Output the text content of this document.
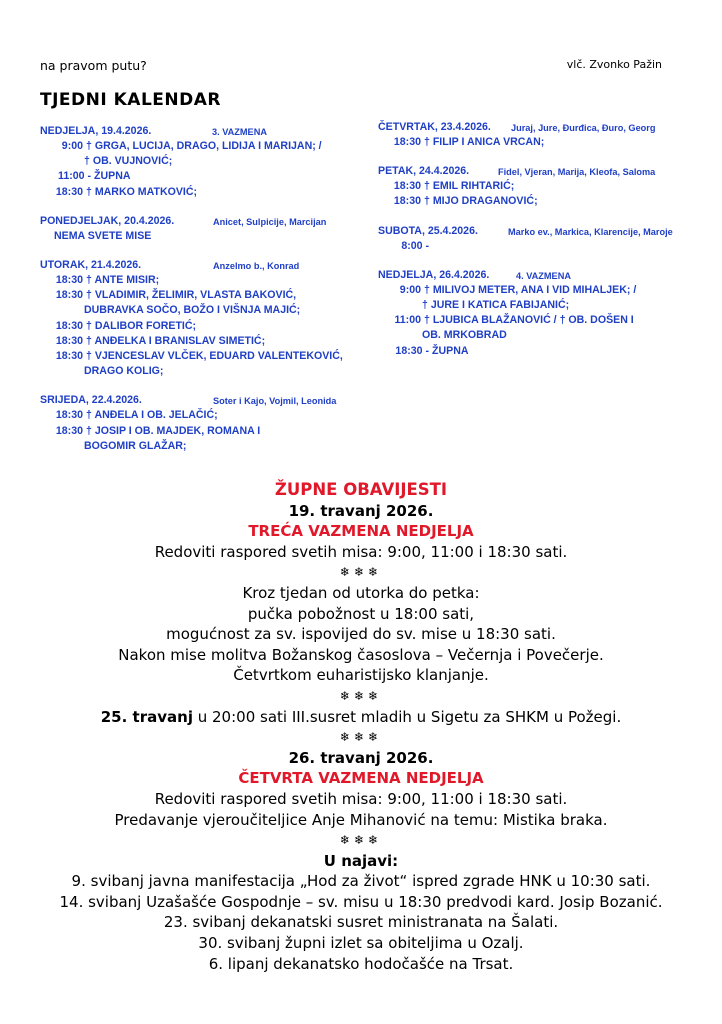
na pravom putu?	vlč. Zvonko Pažin
TJEDNI KALENDAR
NEDJELJA, 19.4.2026.	3. VAZMENA
9:00 † GRGA, LUCIJA, DRAGO, LIDIJA I MARIJAN; /
† OB. VUJNOVIĆ;
11:00 - ŽUPNA
18:30 † MARKO MATKOVIĆ;
PONEDJELJAK, 20.4.2026.	Anicet, Sulpicije, Marcijan
NEMA SVETE MISE
UTORAK, 21.4.2026.	Anzelmo b., Konrad
18:30 † ANTE MISIR;
18:30 † VLADIMIR, ŽELIMIR, VLASTA BAKOVIĆ,
DUBRAVKA SOČO, BOŽO I VIŠNJA MAJIĆ;
18:30 † DALIBOR FORETIĆ;
18:30 † ANĐELKA I BRANISLAV SIMETIĆ;
18:30 † VJENCESLAV VLČEK, EDUARD VALENTEKOVIĆ,
DRAGO KOLIG;
SRIJEDA, 22.4.2026.	Soter i Kajo, Vojmil, Leonida
18:30 † ANĐELA I OB. JELAČIĆ;
18:30 † JOSIP I OB. MAJDEK, ROMANA I
BOGOMIR GLAŽAR;
ČETVRTAK, 23.4.2026. Juraj, Jure, Đurđica, Đuro, Georg
18:30 † FILIP I ANICA VRCAN;
PETAK, 24.4.2026.	Fidel, Vjeran, Marija, Kleofa, Saloma
18:30 † EMIL RIHTARIĆ;
18:30 † MIJO DRAGANOVIĆ;
SUBOTA, 25.4.2026.	Marko ev., Markica, Klarencije, Maroje
8:00 -
NEDJELJA, 26.4.2026.	4. VAZMENA
9:00 † MILIVOJ METER, ANA I VID MIHALJEK; /
† JURE I KATICA FABIJANIĆ;
11:00 † LJUBICA BLAŽANOVIĆ / † OB. DOŠEN I
OB. MRKOBRAD
18:30 - ŽUPNA
ŽUPNE OBAVIJESTI
19. travanj 2026.
TREĆA VAZMENA NEDJELJA
Redoviti raspored svetih misa: 9:00, 11:00 i 18:30 sati.
❄❄❄
Kroz tjedan od utorka do petka:
pučka pobožnost u 18:00 sati,
mogućnost za sv. ispovijed do sv. mise u 18:30 sati.
Nakon mise molitva Božanskog časoslova – Večernja i Povečerje.
Četvrtkom euharistijsko klanjanje.
❄❄❄
25. travanj u 20:00 sati III.susret mladih u Sigetu za SHKM u Požegi.
❄❄❄
26. travanj 2026.
ČETVRTA VAZMENA NEDJELJA
Redoviti raspored svetih misa: 9:00, 11:00 i 18:30 sati.
Predavanje vjeroučiteljice Anje Mihanović na temu: Mistika braka.
❄❄❄
U najavi:
9. svibanj javna manifestacija „Hod za život“ ispred zgrade HNK u 10:30 sati.
14. svibanj Uzašašće Gospodnje – sv. misu u 18:30 predvodi kard. Josip Bozanić.
23. svibanj dekanatski susret ministranata na Šalati.
30. svibanj župni izlet sa obiteljima u Ozalj.
6. lipanj dekanatsko hodočašće na Trsat.
